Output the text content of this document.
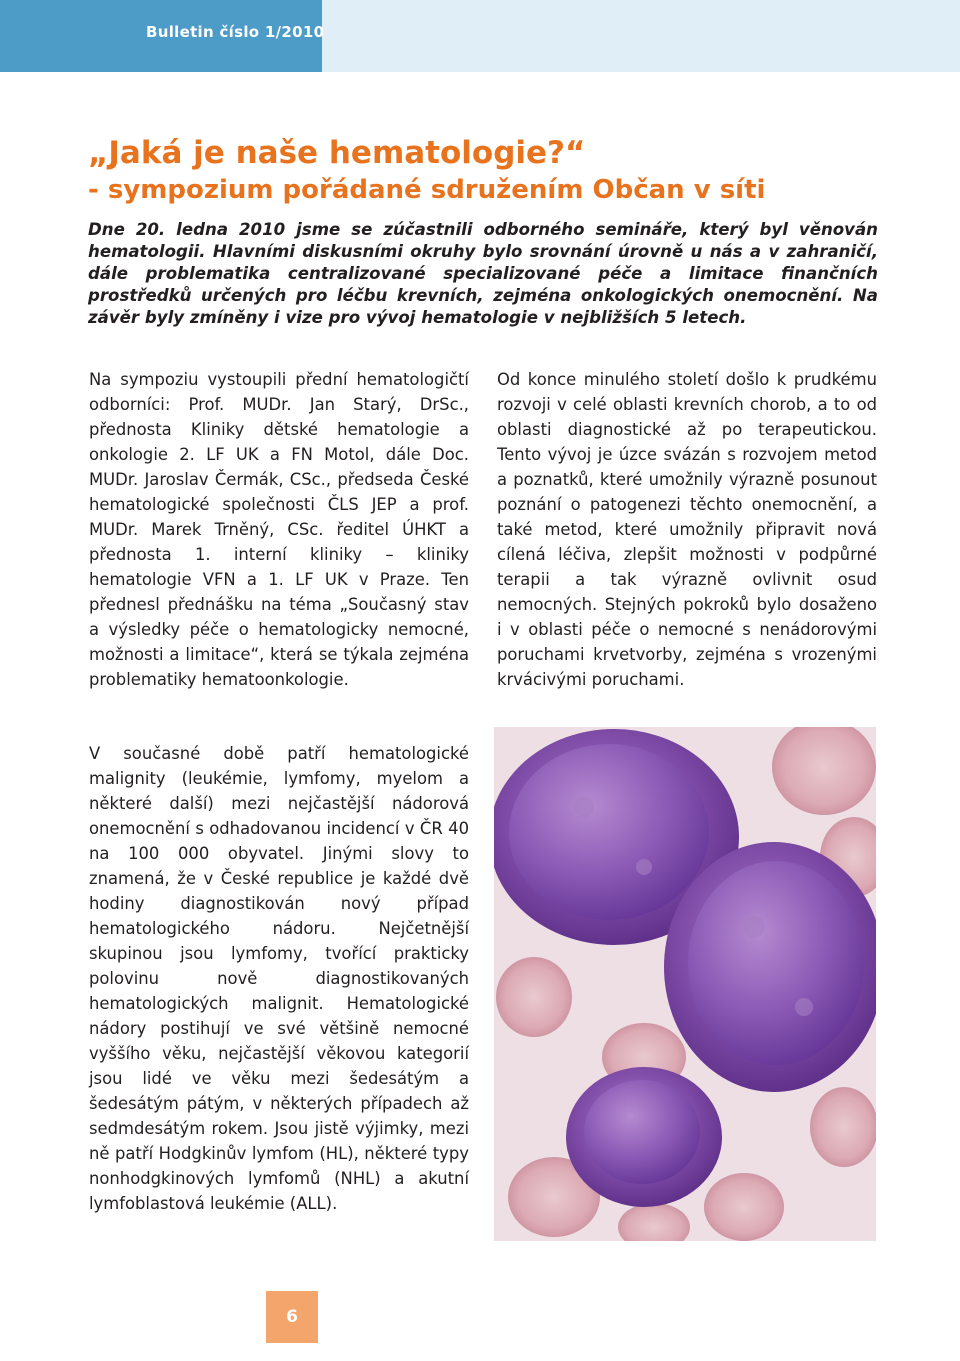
Bulletin číslo 1/2010
„Jaká je naše hematologie?“
- sympozium pořádané sdružením Občan v síti
Dne 20. ledna 2010 jsme se zúčastnili odborného semináře, který byl věnován hematologii. Hlavními diskusními okruhy bylo srovnání úrovně u nás a v zahraničí, dále problematika centralizované specializované péče a limitace finančních prostředků určených pro léčbu krevních, zejména onkologických onemocnění. Na závěr byly zmíněny i vize pro vývoj hematologie v nejbližších 5 letech.

Na sympoziu vystoupili přední hematologičtí odborníci: Prof. MUDr. Jan Starý, DrSc., přednosta Kliniky dětské hematologie a onkologie 2. LF UK a FN Motol, dále Doc. MUDr. Jaroslav Čermák, CSc., předseda České hematologické společnosti ČLS JEP a prof. MUDr. Marek Trněný, CSc. ředitel ÚHKT a přednosta 1. interní kliniky – kliniky hematologie VFN a 1. LF UK v Praze. Ten přednesl přednášku na téma „Současný stav a výsledky péče o hematologicky nemocné, možnosti a limitace“, která se týkala zejména problematiky hematoonkologie.

Od konce minulého století došlo k prudkému rozvoji v celé oblasti krevních chorob, a to od oblasti diagnostické až po terapeutickou. Tento vývoj je úzce svázán s rozvojem metod a poznatků, které umožnily výrazně posunout poznání o patogenezi těchto onemocnění, a také metod, které umožnily připravit nová cílená léčiva, zlepšit možnosti v podpůrné terapii a tak výrazně ovlivnit osud nemocných. Stejných pokroků bylo dosaženo i v oblasti péče o nemocné s nenádorovými poruchami krvetvorby, zejména s vrozenými krvácivými poruchami.

V současné době patří hematologické malignity (leukémie, lymfomy, myelom a některé další) mezi nejčastější nádorová onemocnění s odhadovanou incidencí v ČR 40 na 100 000 obyvatel. Jinými slovy to znamená, že v České republice je každé dvě hodiny diagnostikován nový případ hematologického nádoru. Nejčetnější skupinou jsou lymfomy, tvořící prakticky polovinu nově diagnostikovaných hematologických malignit. Hematologické nádory postihují ve své většině nemocné vyššího věku, nejčastější věkovou kategorií jsou lidé ve věku mezi šedesátým a šedesátým pátým, v některých případech až sedmdesátým rokem. Jsou jistě výjimky, mezi ně patří Hodgkinův lymfom (HL), některé typy nonhodgkinových lymfomů (NHL) a akutní lymfoblastová leukémie (ALL).

6
